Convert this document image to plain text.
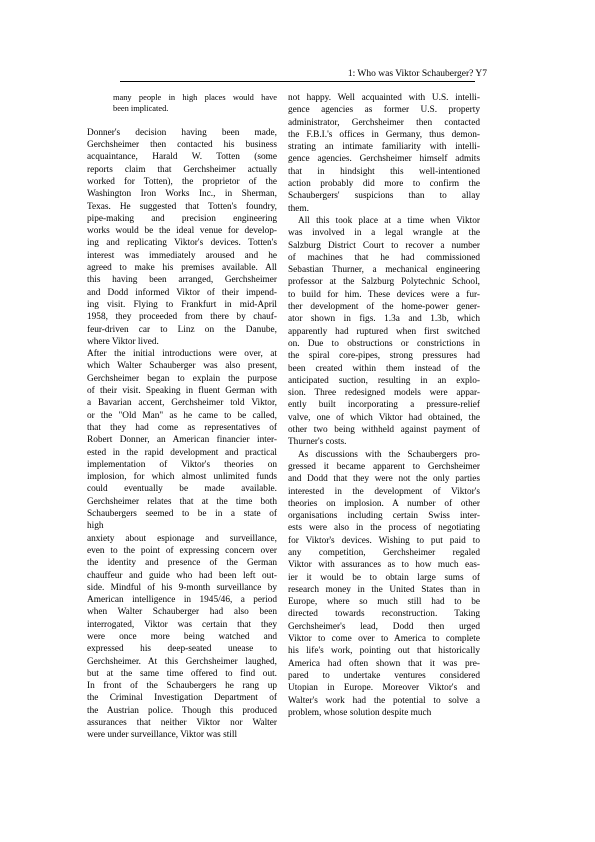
1: Who was Viktor Schauberger? Y7

many people in high places would have

been implicated.

Donner's decision having been made,

Gerchsheimer then contacted his business

acquaintance, Harald W. Totten (some

reports claim that Gerchsheimer actually

worked for Totten), the proprietor of the

Washington Iron Works Inc., in Sherman,

Texas. He suggested that Totten's foundry,

pipe-making and precision engineering

works would be the ideal venue for develop-

ing and replicating Viktor's devices. Totten's

interest was immediately aroused and he

agreed to make his premises available. All

this having been arranged, Gerchsheimer

and Dodd informed Viktor of their impend-

ing visit. Flying to Frankfurt in mid-April

1958, they proceeded from there by chauf-

feur-driven car to Linz on the Danube,

where Viktor lived.

After the initial introductions were over, at

which Walter Schauberger was also present,

Gerchsheimer began to explain the purpose

of their visit. Speaking in fluent German with

a Bavarian accent, Gerchsheimer told Viktor,

or the "Old Man" as he came to be called,

that they had come as representatives of

Robert Donner, an American financier inter-

ested in the rapid development and practical

implementation of Viktor's theories on

implosion, for which almost unlimited funds

could eventually be made available.

Gerchsheimer relates that at the time both

Schaubergers seemed to be in a state of

high

anxiety about espionage and surveillance,

even to the point of expressing concern over

the identity and presence of the German

chauffeur and guide who had been left out-

side. Mindful of his 9-month surveillance by

American intelligence in 1945/46, a period

when Walter Schauberger had also been

interrogated, Viktor was certain that they

were once more being watched and

expressed his deep-seated unease to

Gerchsheimer. At this Gerchsheimer laughed,

but at the same time offered to find out.

In front of the Schaubergers he rang up

the Criminal Investigation Department of

the Austrian police. Though this produced

assurances that neither Viktor nor Walter

were under surveillance, Viktor was still

not happy. Well acquainted with U.S. intelli-

gence agencies as former U.S. property

administrator, Gerchsheimer then contacted

the F.B.I.'s offices in Germany, thus demon-

strating an intimate familiarity with intelli-

gence agencies. Gerchsheimer himself admits

that in hindsight this well-intentioned

action probably did more to confirm the

Schaubergers' suspicions than to allay

them.

All this took place at a time when Viktor

was involved in a legal wrangle at the

Salzburg District Court to recover a number

of machines that he had commissioned

Sebastian Thurner, a mechanical engineering

professor at the Salzburg Polytechnic School,

to build for him. These devices were a fur-

ther development of the home-power gener-

ator shown in figs. 1.3a and 1.3b, which

apparently had ruptured when first switched

on. Due to obstructions or constrictions in

the spiral core-pipes, strong pressures had

been created within them instead of the

anticipated suction, resulting in an explo-

sion. Three redesigned models were appar-

ently built incorporating a pressure-relief

valve, one of which Viktor had obtained, the

other two being withheld against payment of

Thurner's costs.

As discussions with the Schaubergers pro-

gressed it became apparent to Gerchsheimer

and Dodd that they were not the only parties

interested in the development of Viktor's

theories on implosion. A number of other

organisations including certain Swiss inter-

ests were also in the process of negotiating

for Viktor's devices. Wishing to put paid to

any competition, Gerchsheimer regaled

Viktor with assurances as to how much eas-

ier it would be to obtain large sums of

research money in the United States than in

Europe, where so much still had to be

directed towards reconstruction. Taking

Gerchsheimer's lead, Dodd then urged

Viktor to come over to America to complete

his life's work, pointing out that historically

America had often shown that it was pre-

pared to undertake ventures considered

Utopian in Europe. Moreover Viktor's and

Walter's work had the potential to solve a

problem, whose solution despite much
